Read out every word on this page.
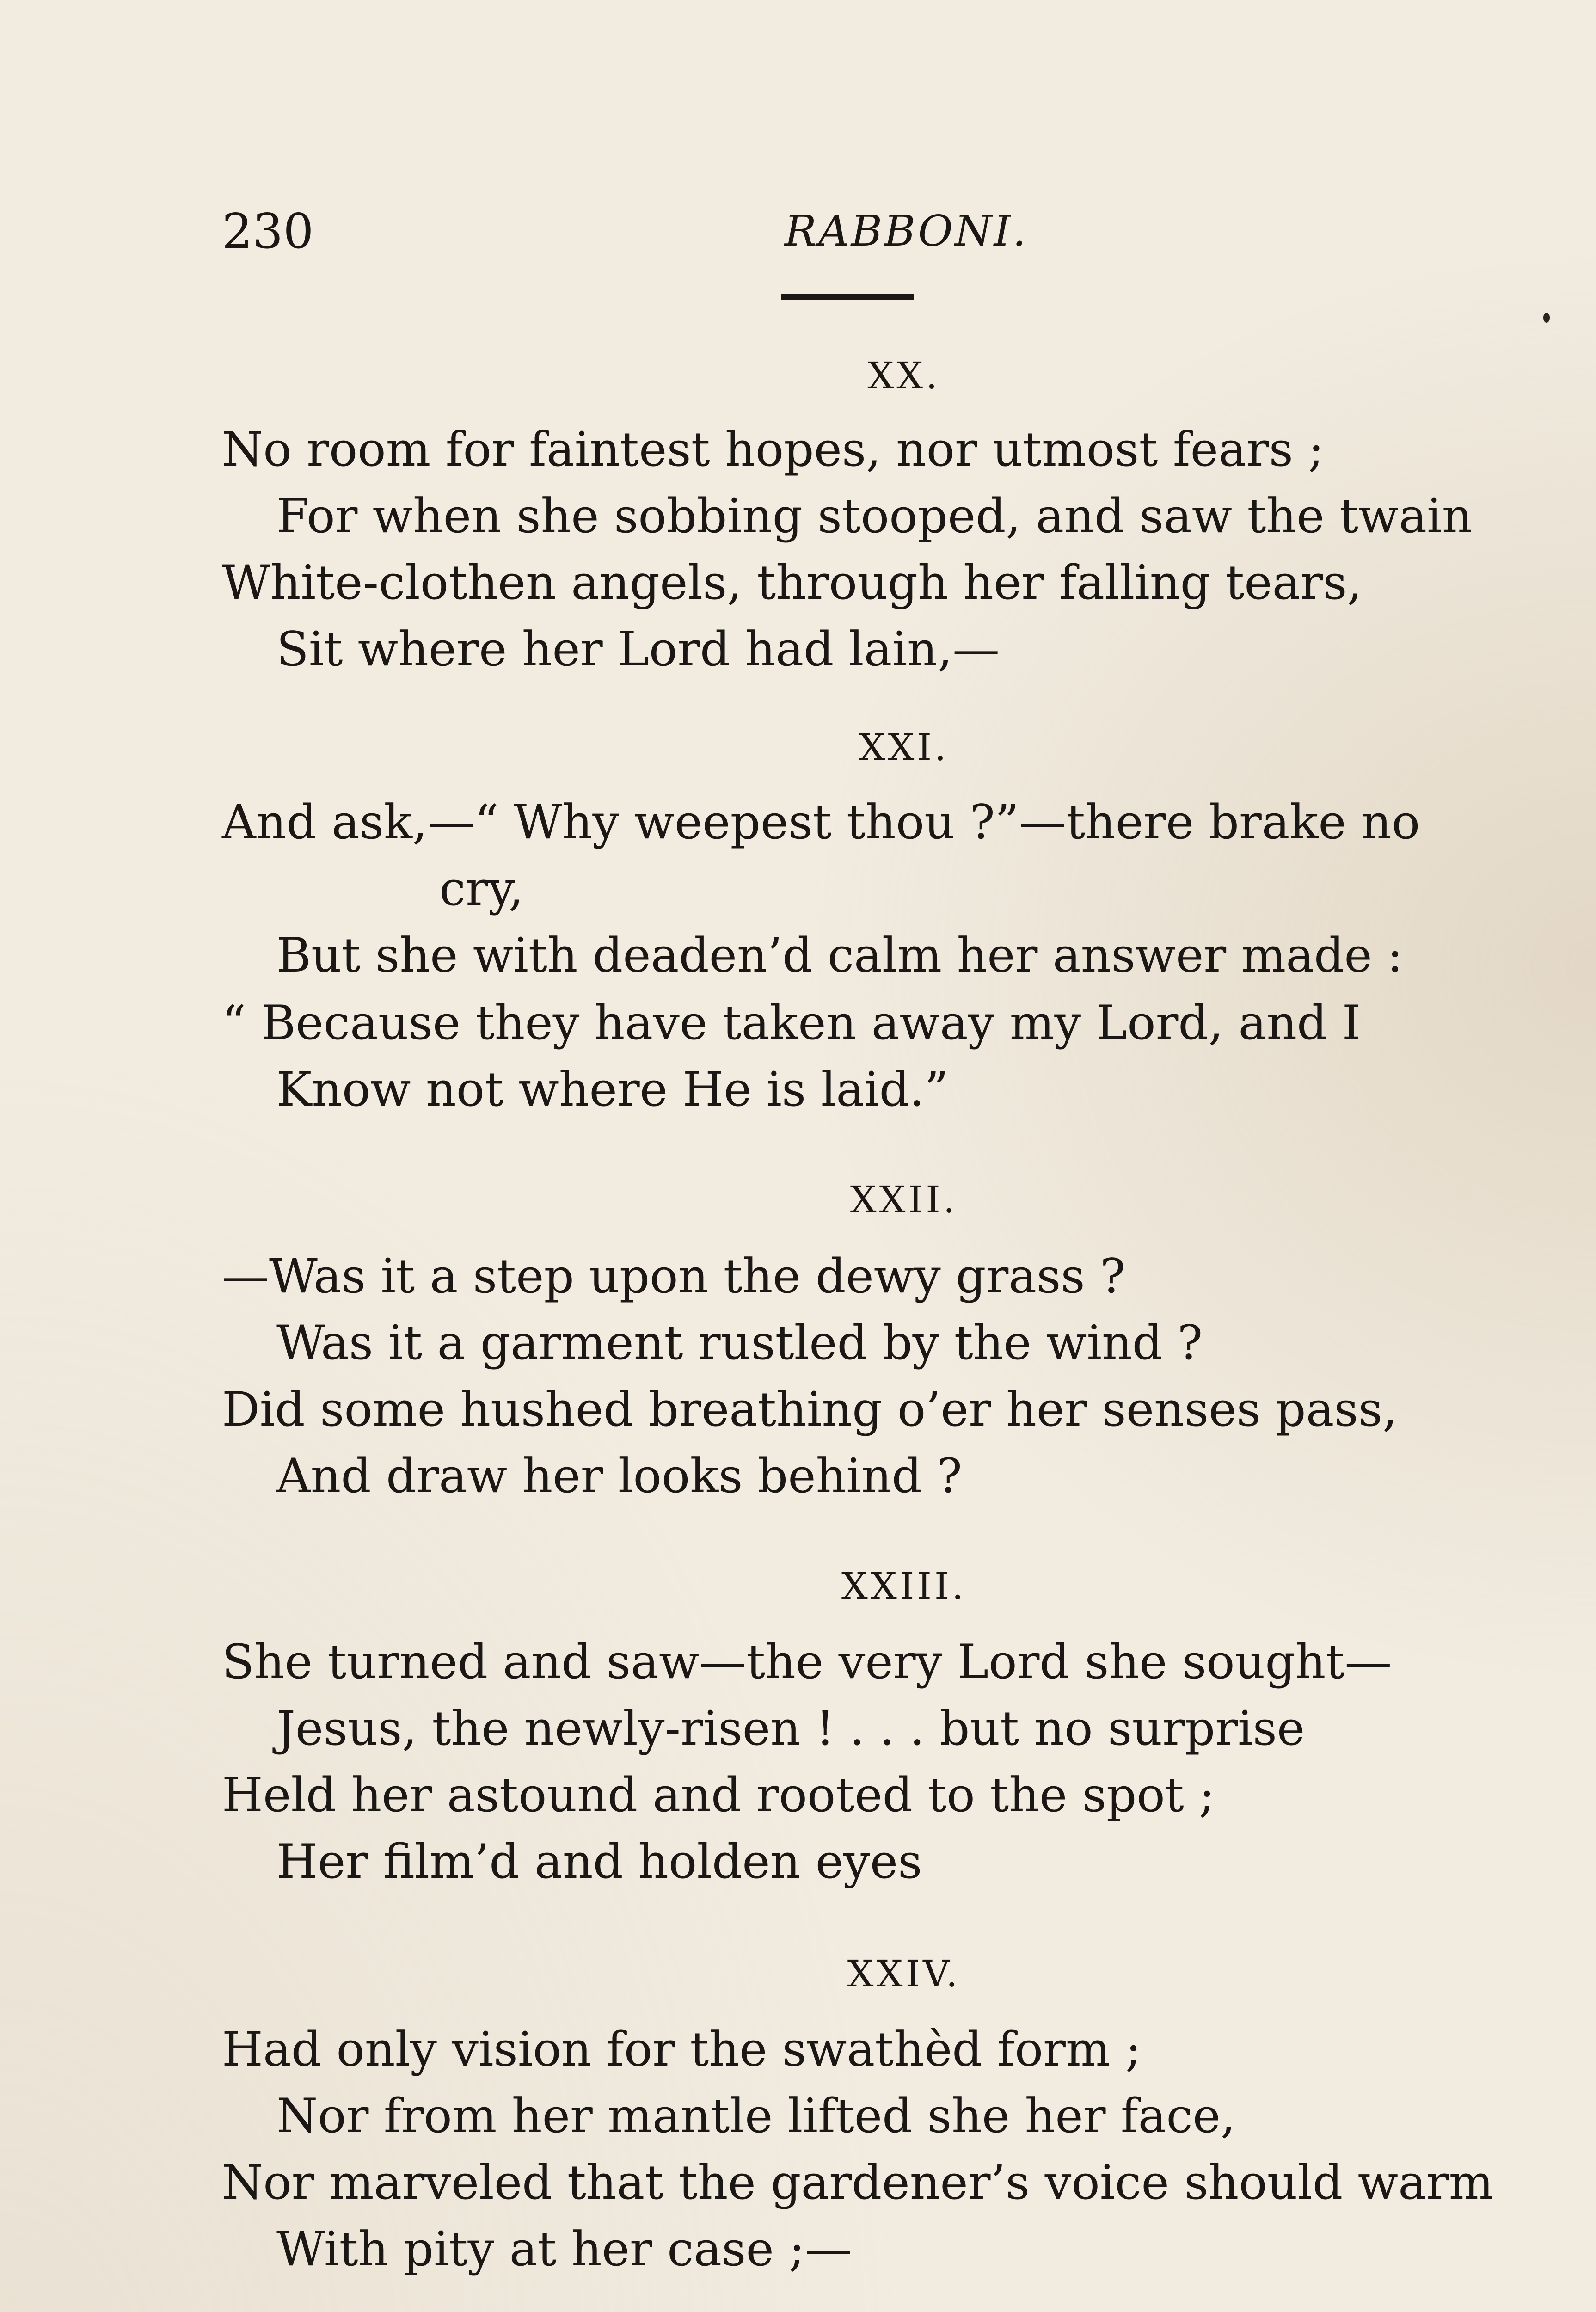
230	RABBONI.
XX.
No room for faintest hopes, nor utmost fears ;
For when she sobbing stooped, and saw the twain
White-clothen angels, through her falling tears,
Sit where her Lord had lain,—
XXI.
And ask,—“ Why weepest thou ?”—there brake no
cry,
But she with deaden’d calm her answer made :
“ Because they have taken away my Lord, and I
Know not where He is laid.”
XXII.
—Was it a step upon the dewy grass ?
Was it a garment rustled by the wind ?
Did some hushed breathing o’er her senses pass,
And draw her looks behind ?
XXIII.
She turned and saw—the very Lord she sought—
Jesus, the newly-risen ! . . . but no surprise
Held her astound and rooted to the spot ;
Her film’d and holden eyes
XXIV.
Had only vision for the swathèd form ;
Nor from her mantle lifted she her face,
Nor marveled that the gardener’s voice should warm
With pity at her case ;—
